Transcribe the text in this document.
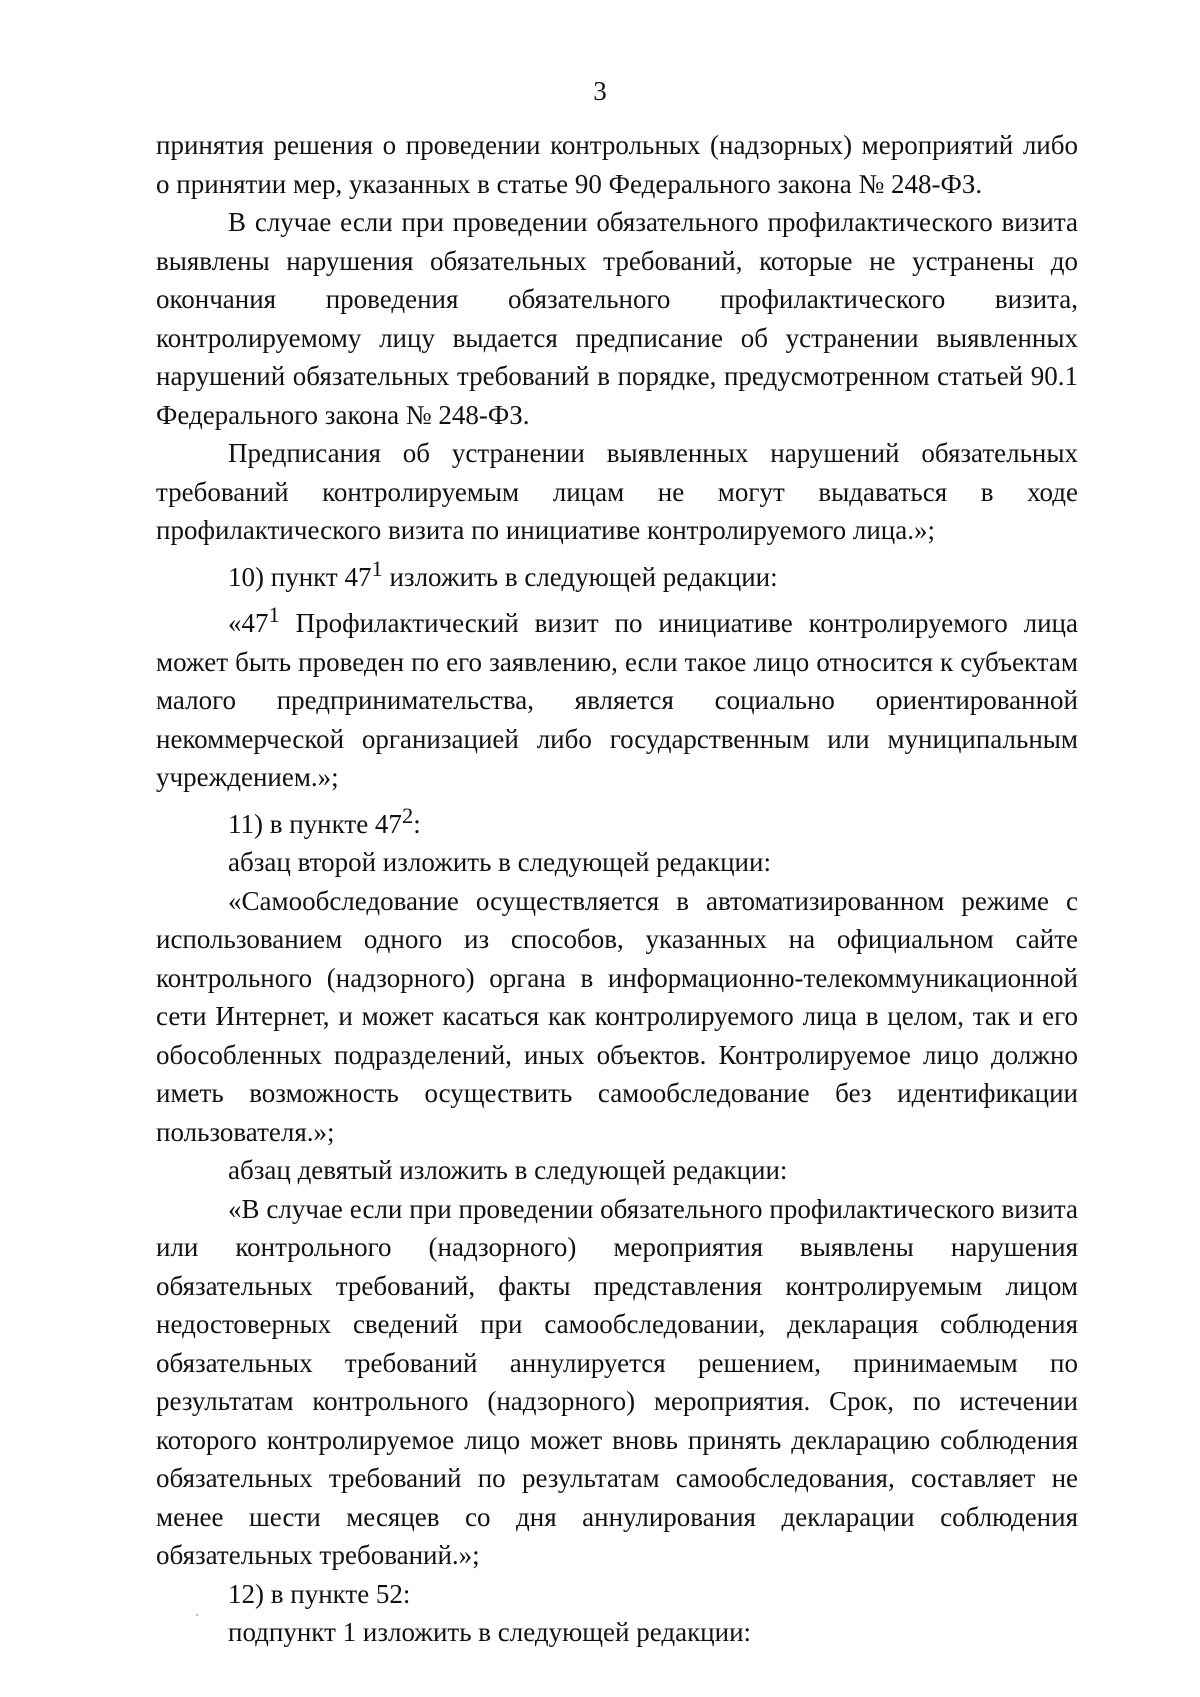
3

принятия решения о проведении контрольных (надзорных) мероприятий либо о принятии мер, указанных в статье 90 Федерального закона № 248-ФЗ.

В случае если при проведении обязательного профилактического визита выявлены нарушения обязательных требований, которые не устранены до окончания проведения обязательного профилактического визита, контролируемому лицу выдается предписание об устранении выявленных нарушений обязательных требований в порядке, предусмотренном статьей 90.1 Федерального закона № 248-ФЗ.

Предписания об устранении выявленных нарушений обязательных требований контролируемым лицам не могут выдаваться в ходе профилактического визита по инициативе контролируемого лица.»;

10) пункт $47^1$ изложить в следующей редакции:

«$47^1$ Профилактический визит по инициативе контролируемого лица может быть проведен по его заявлению, если такое лицо относится к субъектам малого предпринимательства, является социально ориентированной некоммерческой организацией либо государственным или муниципальным учреждением.»;

11) в пункте $47^2$:

абзац второй изложить в следующей редакции:

«Самообследование осуществляется в автоматизированном режиме с использованием одного из способов, указанных на официальном сайте контрольного (надзорного) органа в информационно-телекоммуникационной сети Интернет, и может касаться как контролируемого лица в целом, так и его обособленных подразделений, иных объектов. Контролируемое лицо должно иметь возможность осуществить самообследование без идентификации пользователя.»;

абзац девятый изложить в следующей редакции:

«В случае если при проведении обязательного профилактического визита или контрольного (надзорного) мероприятия выявлены нарушения обязательных требований, факты представления контролируемым лицом недостоверных сведений при самообследовании, декларация соблюдения обязательных требований аннулируется решением, принимаемым по результатам контрольного (надзорного) мероприятия. Срок, по истечении которого контролируемое лицо может вновь принять декларацию соблюдения обязательных требований по результатам самообследования, составляет не менее шести месяцев со дня аннулирования декларации соблюдения обязательных требований.»;

12) в пункте 52:

подпункт 1 изложить в следующей редакции:
